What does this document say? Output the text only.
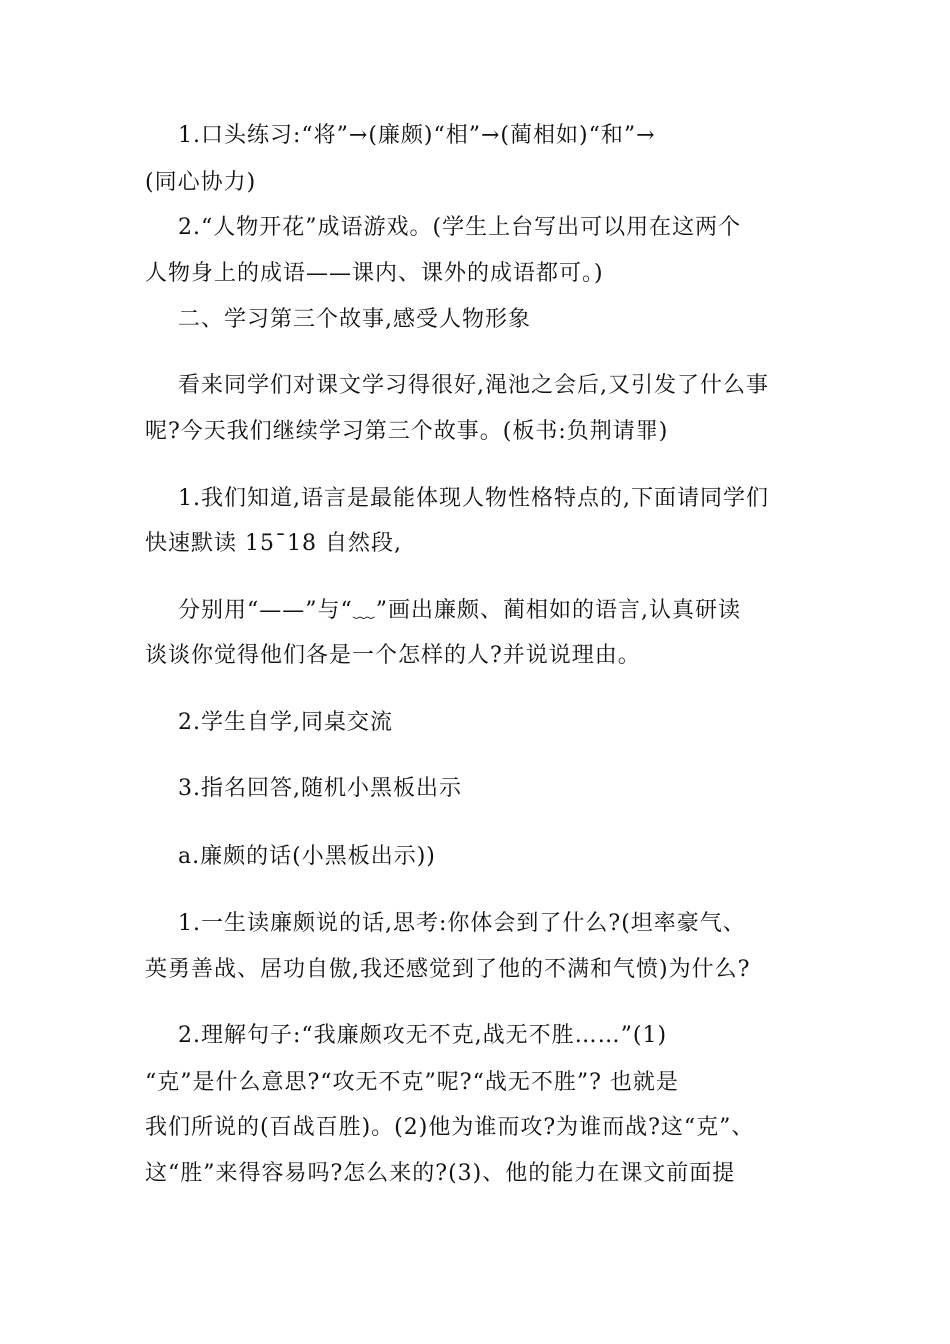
1.口头练习:“将”→(廉颇)“相”→(蔺相如)“和”→
(同心协力)
2.“人物开花”成语游戏。(学生上台写出可以用在这两个
人物身上的成语——课内、课外的成语都可。)
二、学习第三个故事,感受人物形象
看来同学们对课文学习得很好,渑池之会后,又引发了什么事
呢?今天我们继续学习第三个故事。(板书:负荆请罪)
1.我们知道,语言是最能体现人物性格特点的,下面请同学们
快速默读 15¯18 自然段,
分别用“——”与“﹏”画出廉颇、蔺相如的语言,认真研读
谈谈你觉得他们各是一个怎样的人?并说说理由。
2.学生自学,同桌交流
3.指名回答,随机小黑板出示
a.廉颇的话(小黑板出示))
1.一生读廉颇说的话,思考:你体会到了什么?(坦率豪气、
英勇善战、居功自傲,我还感觉到了他的不满和气愤)为什么?
2.理解句子:“我廉颇攻无不克,战无不胜……”(1)
“克”是什么意思?“攻无不克”呢?“战无不胜”? 也就是
我们所说的(百战百胜)。(2)他为谁而攻?为谁而战?这“克”、
这“胜”来得容易吗?怎么来的?(3)、他的能力在课文前面提
